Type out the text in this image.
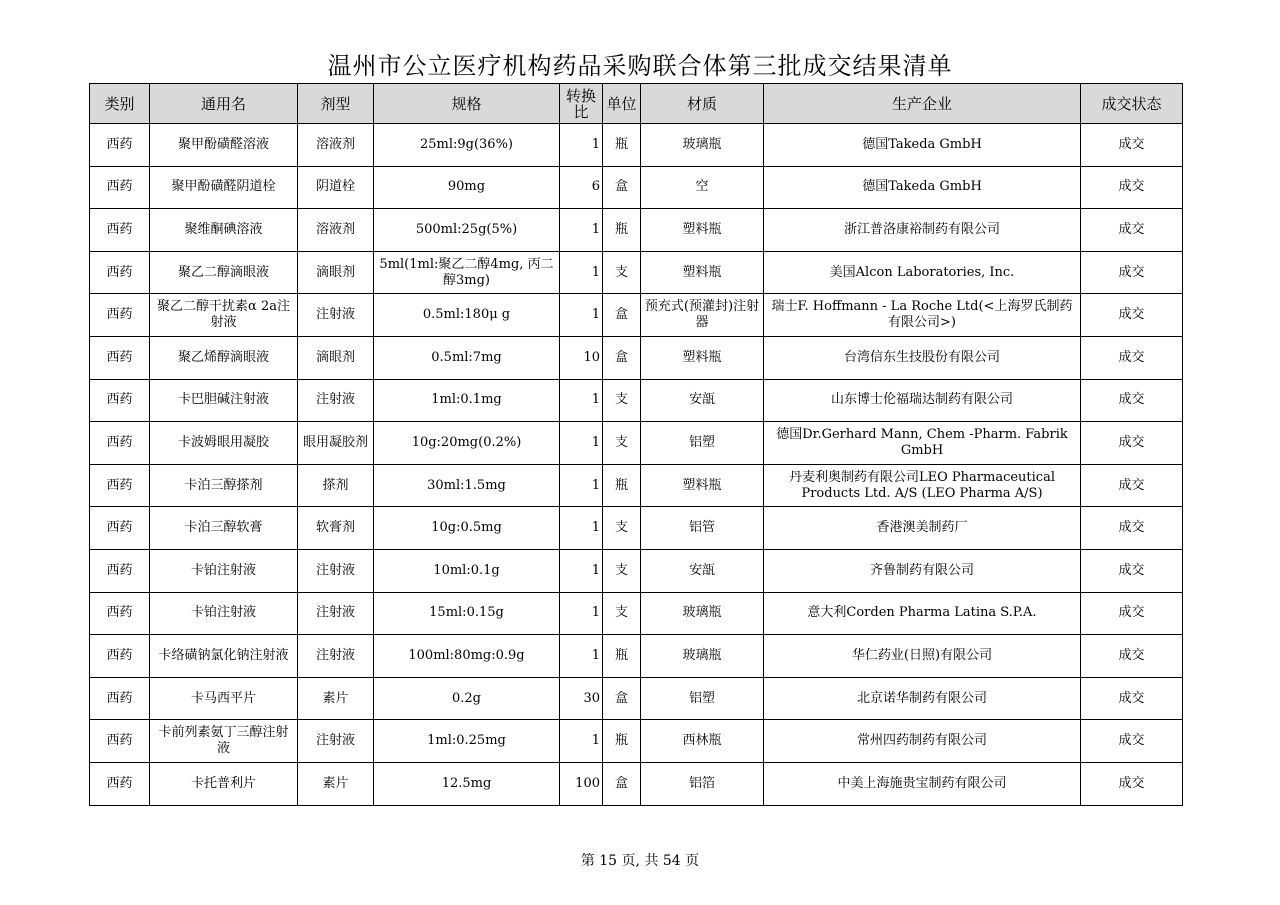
温州市公立医疗机构药品采购联合体第三批成交结果清单
类别	通用名	剂型	规格	转换比	单位	材质	生产企业	成交状态
西药	聚甲酚磺醛溶液	溶液剂	25ml:9g(36%)	1	瓶	玻璃瓶	德国Takeda GmbH	成交
西药	聚甲酚磺醛阴道栓	阴道栓	90mg	6	盒	空	德国Takeda GmbH	成交
西药	聚维酮碘溶液	溶液剂	500ml:25g(5%)	1	瓶	塑料瓶	浙江普洛康裕制药有限公司	成交
西药	聚乙二醇滴眼液	滴眼剂	5ml(1ml:聚乙二醇4mg, 丙二醇3mg)	1	支	塑料瓶	美国Alcon Laboratories, Inc.	成交
西药	聚乙二醇干扰素α 2a注射液	注射液	0.5ml:180μ g	1	盒	预充式(预灌封)注射器	瑞士F. Hoffmann - La Roche Ltd(<上海罗氏制药有限公司>)	成交
西药	聚乙烯醇滴眼液	滴眼剂	0.5ml:7mg	10	盒	塑料瓶	台湾信东生技股份有限公司	成交
西药	卡巴胆碱注射液	注射液	1ml:0.1mg	1	支	安瓿	山东博士伦福瑞达制药有限公司	成交
西药	卡波姆眼用凝胶	眼用凝胶剂	10g:20mg(0.2%)	1	支	铝塑	德国Dr.Gerhard Mann, Chem -Pharm. Fabrik GmbH	成交
西药	卡泊三醇搽剂	搽剂	30ml:1.5mg	1	瓶	塑料瓶	丹麦利奥制药有限公司LEO Pharmaceutical Products Ltd. A/S (LEO Pharma A/S)	成交
西药	卡泊三醇软膏	软膏剂	10g:0.5mg	1	支	铝管	香港澳美制药厂	成交
西药	卡铂注射液	注射液	10ml:0.1g	1	支	安瓿	齐鲁制药有限公司	成交
西药	卡铂注射液	注射液	15ml:0.15g	1	支	玻璃瓶	意大利Corden Pharma Latina S.P.A.	成交
西药	卡络磺钠氯化钠注射液	注射液	100ml:80mg:0.9g	1	瓶	玻璃瓶	华仁药业(日照)有限公司	成交
西药	卡马西平片	素片	0.2g	30	盒	铝塑	北京诺华制药有限公司	成交
西药	卡前列素氨丁三醇注射液	注射液	1ml:0.25mg	1	瓶	西林瓶	常州四药制药有限公司	成交
西药	卡托普利片	素片	12.5mg	100	盒	铝箔	中美上海施贵宝制药有限公司	成交
第 15 页, 共 54 页
